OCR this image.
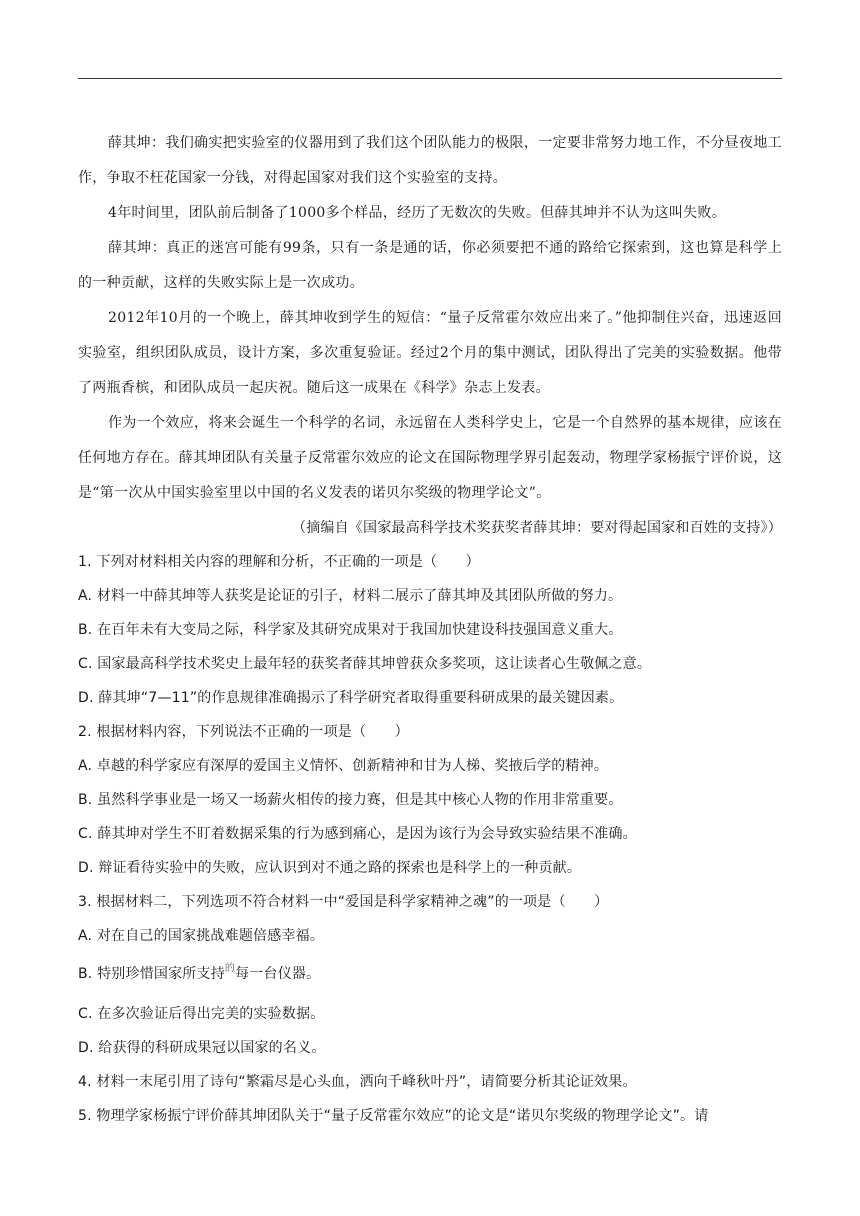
薛其坤：我们确实把实验室的仪器用到了我们这个团队能力的极限，一定要非常努力地工作，不分昼夜地工作，争取不枉花国家一分钱，对得起国家对我们这个实验室的支持。

4年时间里，团队前后制备了1000多个样品，经历了无数次的失败。但薛其坤并不认为这叫失败。

薛其坤：真正的迷宫可能有99条，只有一条是通的话，你必须要把不通的路给它探索到，这也算是科学上的一种贡献，这样的失败实际上是一次成功。

2012年10月的一个晚上，薛其坤收到学生的短信：“量子反常霍尔效应出来了。”他抑制住兴奋，迅速返回实验室，组织团队成员，设计方案，多次重复验证。经过2个月的集中测试，团队得出了完美的实验数据。他带了两瓶香槟，和团队成员一起庆祝。随后这一成果在《科学》杂志上发表。

作为一个效应，将来会诞生一个科学的名词，永远留在人类科学史上，它是一个自然界的基本规律，应该在任何地方存在。薛其坤团队有关量子反常霍尔效应的论文在国际物理学界引起轰动，物理学家杨振宁评价说，这是“第一次从中国实验室里以中国的名义发表的诺贝尔奖级的物理学论文”。

（摘编自《国家最高科学技术奖获奖者薛其坤：要对得起国家和百姓的支持》）

1. 下列对材料相关内容的理解和分析，不正确的一项是（　　）

A. 材料一中薛其坤等人获奖是论证的引子，材料二展示了薛其坤及其团队所做的努力。

B. 在百年未有大变局之际，科学家及其研究成果对于我国加快建设科技强国意义重大。

C. 国家最高科学技术奖史上最年轻的获奖者薛其坤曾获众多奖项，这让读者心生敬佩之意。

D. 薛其坤“7—11”的作息规律准确揭示了科学研究者取得重要科研成果的最关键因素。

2. 根据材料内容，下列说法不正确的一项是（　　）

A. 卓越的科学家应有深厚的爱国主义情怀、创新精神和甘为人梯、奖掖后学的精神。

B. 虽然科学事业是一场又一场薪火相传的接力赛，但是其中核心人物的作用非常重要。

C. 薛其坤对学生不盯着数据采集的行为感到痛心，是因为该行为会导致实验结果不准确。

D. 辩证看待实验中的失败，应认识到对不通之路的探索也是科学上的一种贡献。

3. 根据材料二，下列选项不符合材料一中“爱国是科学家精神之魂”的一项是（　　）

A. 对在自己的国家挑战难题倍感幸福。

B. 特别珍惜国家所支持$^的$每一台仪器。

C. 在多次验证后得出完美的实验数据。

D. 给获得的科研成果冠以国家的名义。

4. 材料一末尾引用了诗句“繁霜尽是心头血，洒向千峰秋叶丹”，请简要分析其论证效果。

5. 物理学家杨振宁评价薛其坤团队关于“量子反常霍尔效应”的论文是“诺贝尔奖级的物理学论文”。请
